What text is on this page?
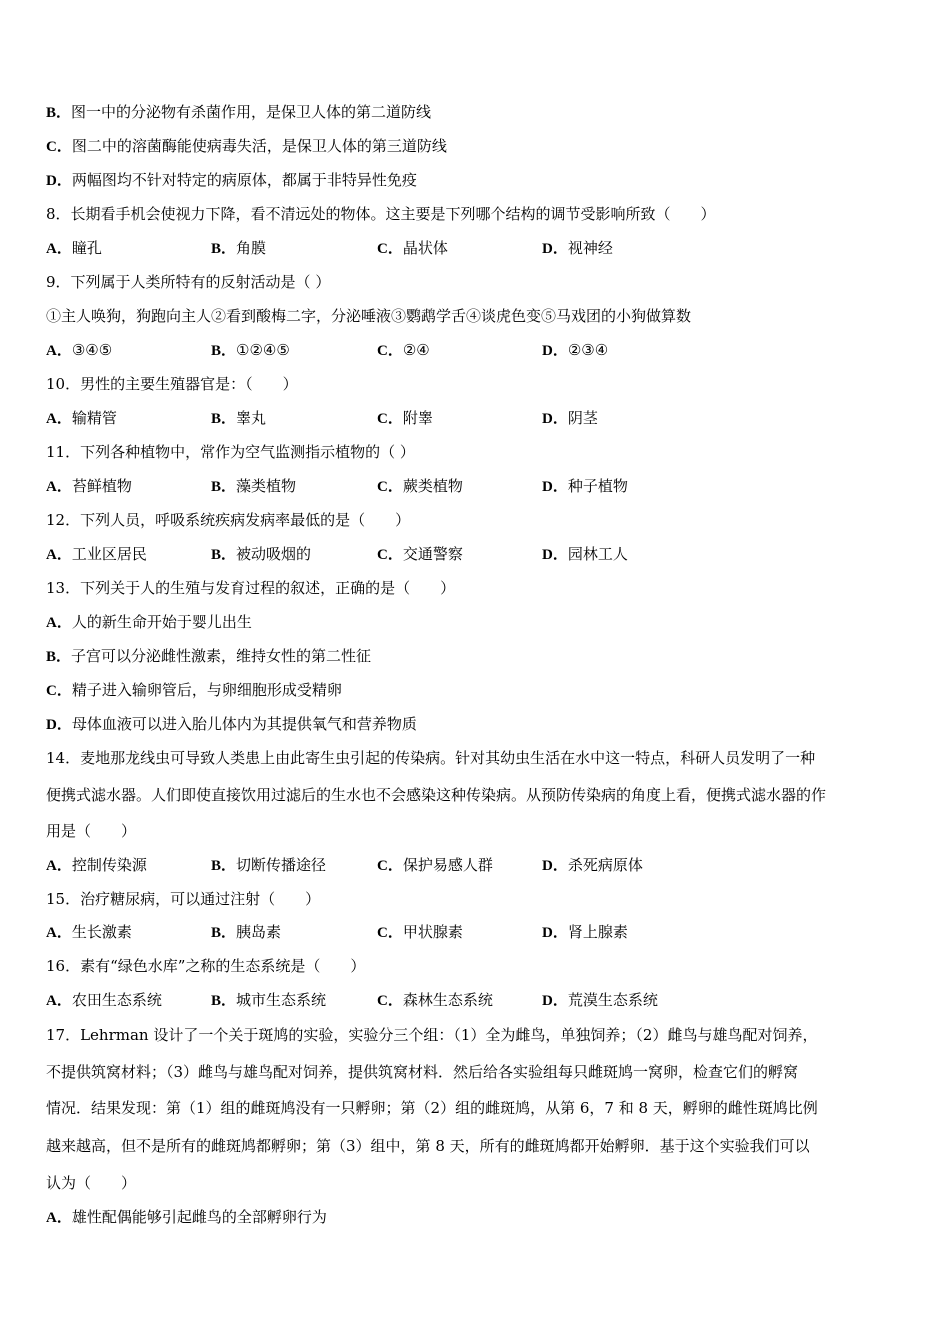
B．图一中的分泌物有杀菌作用，是保卫人体的第二道防线
C．图二中的溶菌酶能使病毒失活，是保卫人体的第三道防线
D．两幅图均不针对特定的病原体，都属于非特异性免疫
8．长期看手机会使视力下降，看不清远处的物体。这主要是下列哪个结构的调节受影响所致（　　）
A．瞳孔	B．角膜	C．晶状体	D．视神经
9．下列属于人类所特有的反射活动是（ ）
①主人唤狗，狗跑向主人②看到酸梅二字，分泌唾液③鹦鹉学舌④谈虎色变⑤马戏团的小狗做算数
A．③④⑤	B．①②④⑤	C．②④	D．②③④
10．男性的主要生殖器官是：（　　）
A．输精管	B．睾丸	C．附睾	D．阴茎
11．下列各种植物中，常作为空气监测指示植物的（ ）
A．苔鲜植物	B．藻类植物	C．蕨类植物	D．种子植物
12．下列人员，呼吸系统疾病发病率最低的是（　　）
A．工业区居民	B．被动吸烟的	C．交通警察	D．园林工人
13．下列关于人的生殖与发育过程的叙述，正确的是（　　）
A．人的新生命开始于婴儿出生
B．子宫可以分泌雌性激素，维持女性的第二性征
C．精子进入输卵管后，与卵细胞形成受精卵
D．母体血液可以进入胎儿体内为其提供氧气和营养物质
14．麦地那龙线虫可导致人类患上由此寄生虫引起的传染病。针对其幼虫生活在水中这一特点，科研人员发明了一种
便携式滤水器。人们即使直接饮用过滤后的生水也不会感染这种传染病。从预防传染病的角度上看，便携式滤水器的作
用是（　　）
A．控制传染源	B．切断传播途径	C．保护易感人群	D．杀死病原体
15．治疗糖尿病，可以通过注射（　　）
A．生长激素	B．胰岛素	C．甲状腺素	D．肾上腺素
16．素有“绿色水库”之称的生态系统是（　　）
A．农田生态系统	B．城市生态系统	C．森林生态系统	D．荒漠生态系统
17．Lehrman 设计了一个关于斑鸠的实验，实验分三个组：（1）全为雌鸟，单独饲养；（2）雌鸟与雄鸟配对饲养，
不提供筑窝材料；（3）雌鸟与雄鸟配对饲养，提供筑窝材料．然后给各实验组每只雌斑鸠一窝卵，检查它们的孵窝
情况．结果发现：第（1）组的雌斑鸠没有一只孵卵；第（2）组的雌斑鸠，从第 6，7 和 8 天，孵卵的雌性斑鸠比例
越来越高，但不是所有的雌斑鸠都孵卵；第（3）组中，第 8 天，所有的雌斑鸠都开始孵卵．基于这个实验我们可以
认为（　　）
A．雄性配偶能够引起雌鸟的全部孵卵行为
